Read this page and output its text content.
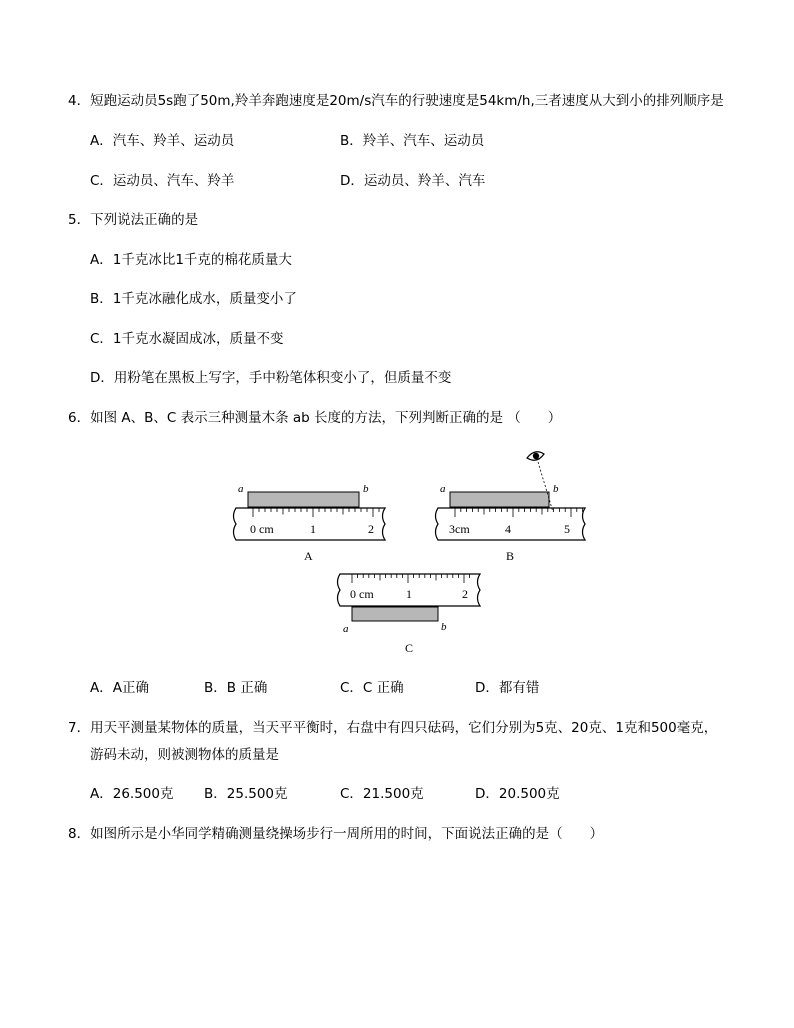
4．短跑运动员5s跑了50m,羚羊奔跑速度是20m/s汽车的行驶速度是54km/h,三者速度从大到小的排列顺序是
A．汽车、羚羊、运动员	B．羚羊、汽车、运动员
C．运动员、汽车、羚羊	D．运动员、羚羊、汽车
5．下列说法正确的是
A．1千克冰比1千克的棉花质量大
B．1千克冰融化成水，质量变小了
C．1千克水凝固成冰，质量不变
D．用粉笔在黑板上写字，手中粉笔体积变小了，但质量不变
6．如图 A、B、C 表示三种测量木条 ab 长度的方法，下列判断正确的是 （　　）
0 cm	1	2
a	b
A
3cm	4	5
a	b
B
0 cm	1	2
a	b
C
A．A正确	B．B 正确	C．C 正确	D．都有错
7．用天平测量某物体的质量，当天平平衡时，右盘中有四只砝码，它们分别为5克、20克、1克和500毫克，
游码未动，则被测物体的质量是
A．26.500克 B．25.500克	C．21.500克	D．20.500克
8．如图所示是小华同学精确测量绕操场步行一周所用的时间，下面说法正确的是（　　）
